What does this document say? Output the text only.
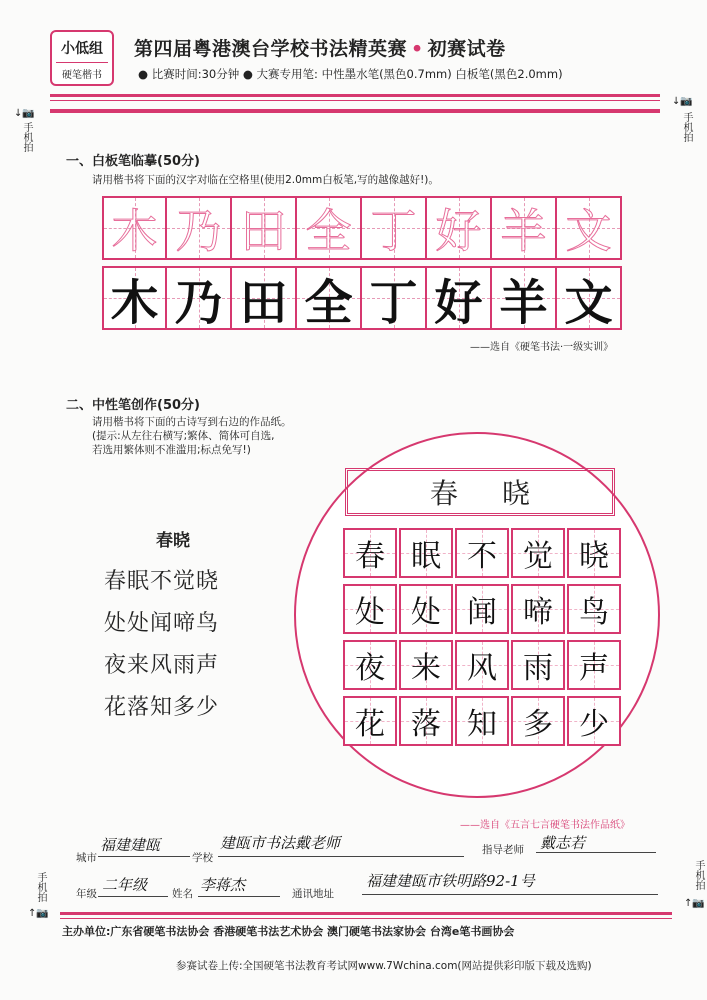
小低组
硬笔楷书
第四届粤港澳台学校书法精英赛 • 初赛试卷
● 比赛时间:30分钟 ● 大赛专用笔: 中性墨水笔(黑色0.7mm) 白板笔(黑色2.0mm)
↓📷
手机拍
↓📷
手机拍
手机拍
↑📷
手机拍
↑📷
一、白板笔临摹(50分)
请用楷书将下面的汉字对临在空格里(使用2.0mm白板笔,写的越像越好!)。
木 乃 田 全 丁 好 羊 文
木 乃 田 全 丁 好 羊 文
——选自《硬笔书法·一级实训》
二、中性笔创作(50分)
请用楷书将下面的古诗写到右边的作品纸。
(提示:从左往右横写;繁体、简体可自选,
若选用繁体则不准滥用;标点免写!)
春晓
春眠不觉晓
处处闻啼鸟
夜来风雨声
花落知多少
春 晓
春 眠 不 觉 晓
处 处 闻 啼 鸟
夜 来 风 雨 声
花 落 知 多 少
——选自《五言七言硬笔书法作品纸》
城市
福建建瓯
学校
建瓯市书法戴老师	指导老师 戴志若
年级 二年级 姓名 李蒋杰	通讯地址
福建建瓯市铁明路92-1号
主办单位:广东省硬笔书法协会 香港硬笔书法艺术协会 澳门硬笔书法家协会 台湾e笔书画协会
参赛试卷上传:全国硬笔书法教育考试网www.7Wchina.com(网站提供彩印版下载及选购)
